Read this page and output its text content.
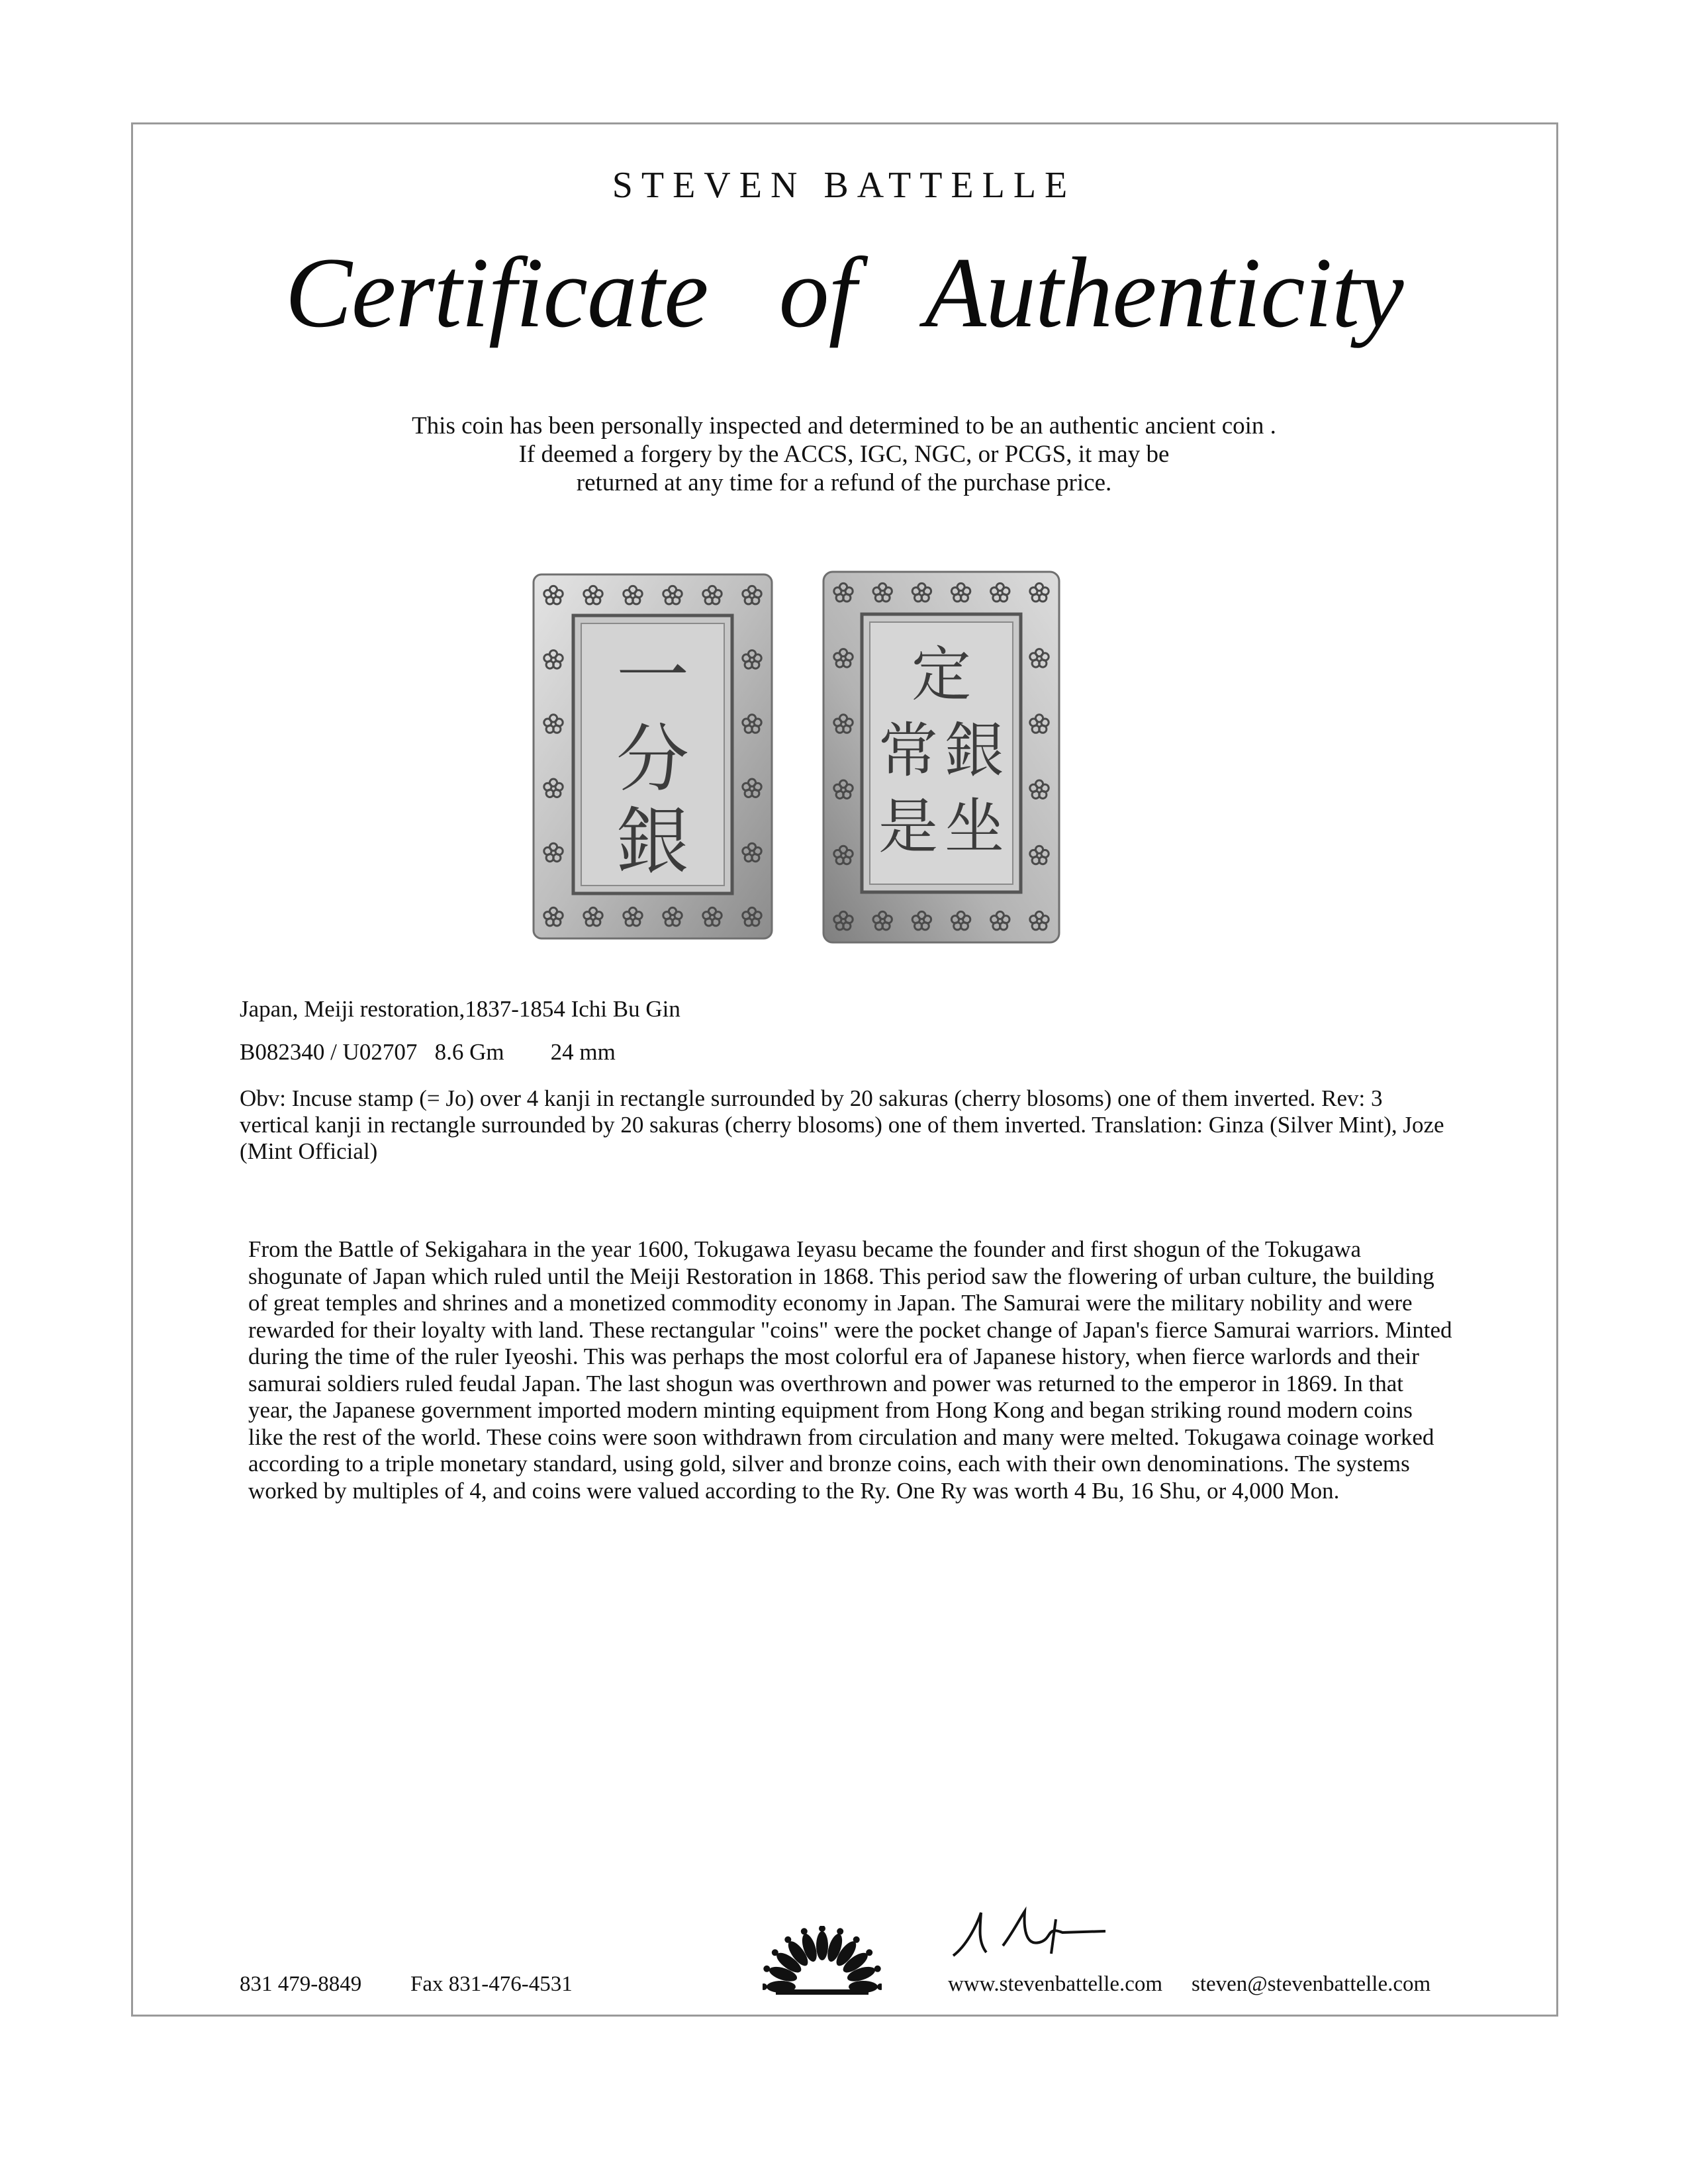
STEVEN BATTELLE
Certificate of Authenticity
This coin has been personally inspected and determined to be an authentic ancient coin .
If deemed a forgery by the ACCS, IGC, NGC, or PCGS, it may be
returned at any time for a refund of the purchase price.
一
分
銀
定
銀
坐
常
是
Japan, Meiji restoration,1837-1854 Ichi Bu Gin
B082340 / U02707   8.6 Gm        24 mm
Obv: Incuse stamp (= Jo) over 4 kanji in rectangle surrounded by 20 sakuras (cherry blosoms) one of them inverted. Rev: 3 vertical kanji in rectangle surrounded by 20 sakuras (cherry blosoms) one of them inverted. Translation: Ginza (Silver Mint), Joze (Mint Official)
From the Battle of Sekigahara in the year 1600, Tokugawa Ieyasu became the founder and first shogun of the Tokugawa shogunate of Japan which ruled until the Meiji Restoration in 1868. This period saw the flowering of urban culture, the building of great temples and shrines and a monetized commodity economy in Japan. The Samurai were the military nobility and were rewarded for their loyalty with land. These rectangular "coins" were the pocket change of Japan's fierce Samurai warriors. Minted during the time of the ruler Iyeoshi. This was perhaps the most colorful era of Japanese history, when fierce warlords and their samurai soldiers ruled feudal Japan. The last shogun was overthrown and power was returned to the emperor in 1869. In that year, the Japanese government imported modern minting equipment from Hong Kong and began striking round modern coins like the rest of the world. These coins were soon withdrawn from circulation and many were melted. Tokugawa coinage worked according to a triple monetary standard, using gold, silver and bronze coins, each with their own denominations. The systems worked by multiples of 4, and coins were valued according to the Ry. One Ry was worth 4 Bu, 16 Shu, or 4,000 Mon.
831 479-8849 Fax 831-476-4531	www.stevenbattelle.com steven@stevenbattelle.com
